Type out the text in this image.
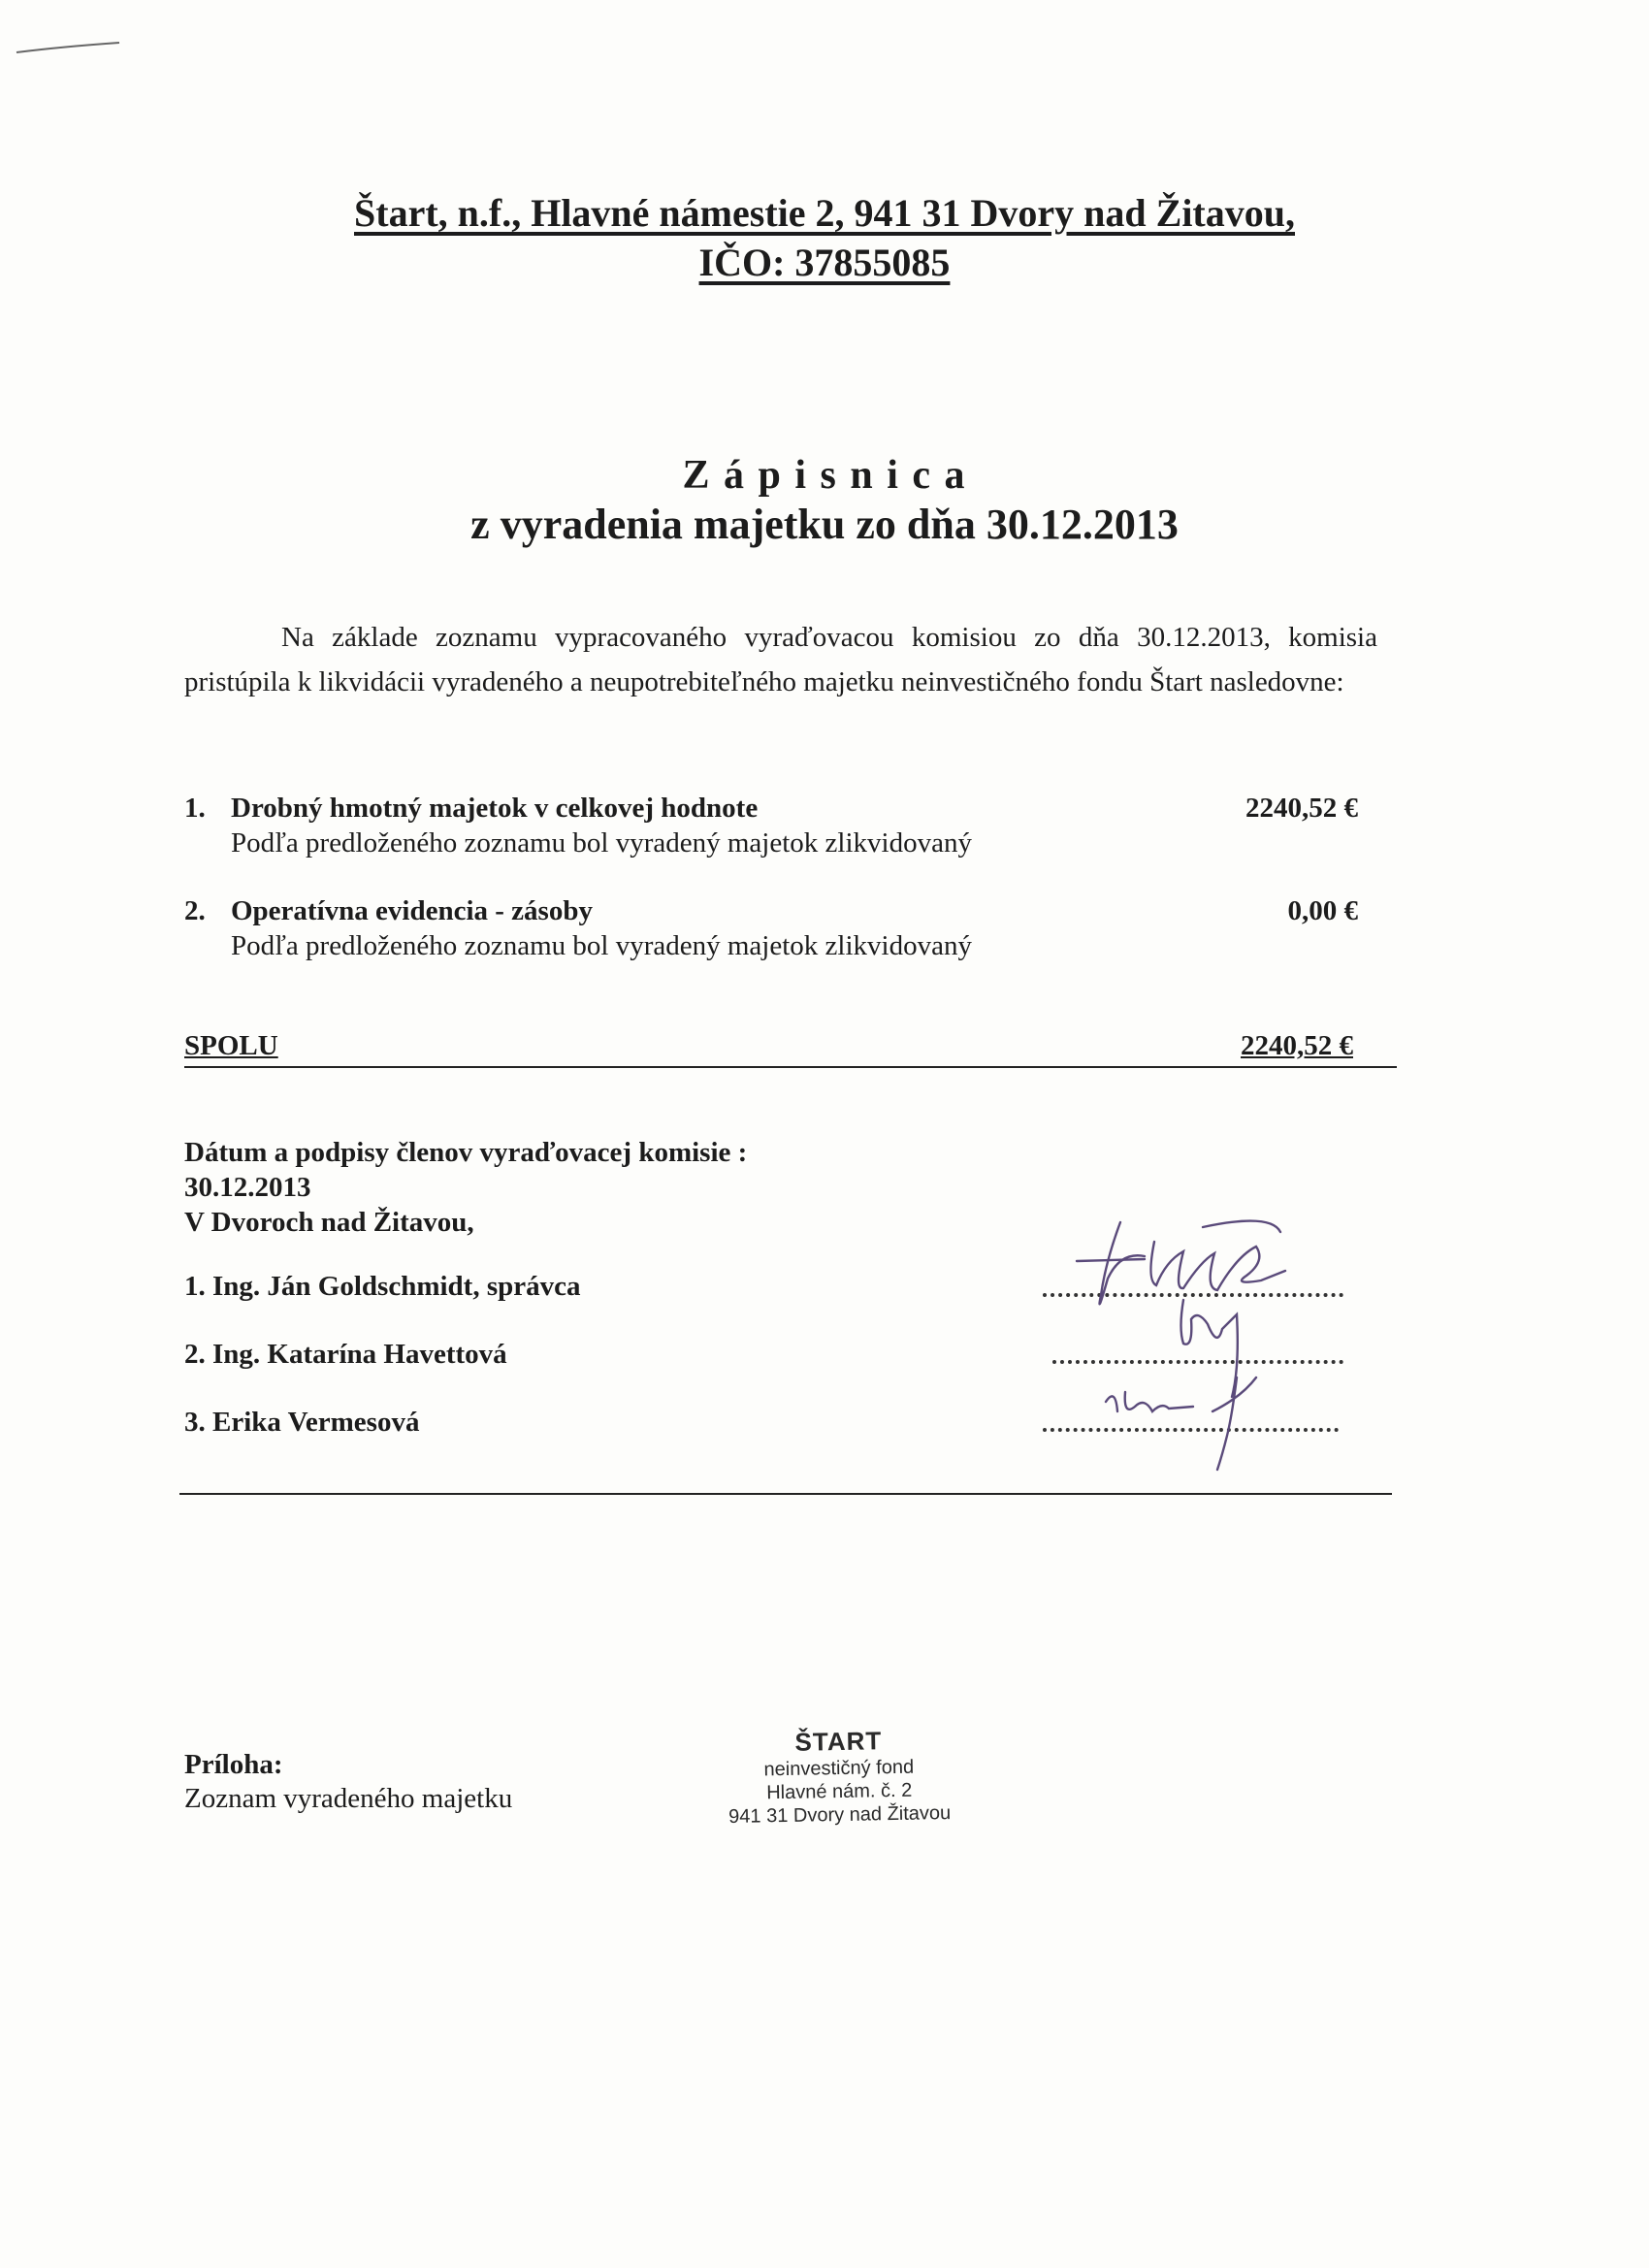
Štart, n.f., Hlavné námestie 2, 941 31 Dvory nad Žitavou,
IČO: 37855085
Z á p i s n i c a
z vyradenia majetku zo dňa 30.12.2013

Na základe zoznamu vypracovaného vyraďovacou komisiou zo dňa 30.12.2013, komisia pristúpila k likvidácii vyradeného a neupotrebiteľného majetku neinvestičného fondu Štart nasledovne:

1. Drobný hmotný majetok v celkovej hodnote	2240,52 €
Podľa predloženého zoznamu bol vyradený majetok zlikvidovaný
2. Operatívna evidencia - zásoby	0,00 €
Podľa predloženého zoznamu bol vyradený majetok zlikvidovaný
SPOLU	2240,52 €
Dátum a podpisy členov vyraďovacej komisie :
30.12.2013
V Dvoroch nad Žitavou,
1. Ing. Ján Goldschmidt, správca
2. Ing. Katarína Havettová
3. Erika Vermesová
Príloha:
Zoznam vyradeného majetku
ŠTART
neinvestičný fond
Hlavné nám. č. 2
941 31 Dvory nad Žitavou
